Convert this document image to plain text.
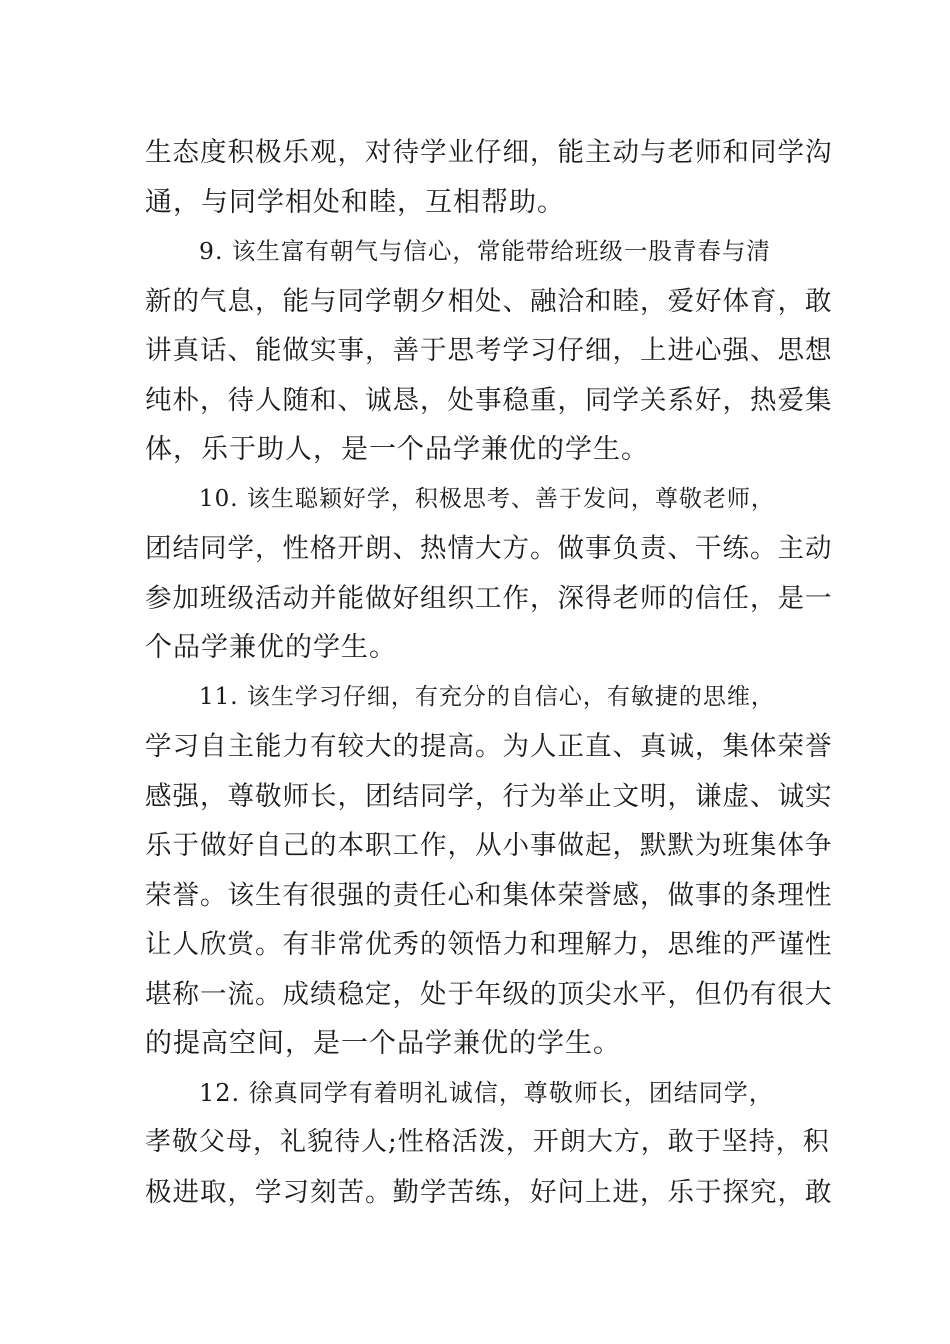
生态度积极乐观，对待学业仔细，能主动与老师和同学沟
通，与同学相处和睦，互相帮助。
9. 该生富有朝气与信心，常能带给班级一股青春与清
新的气息，能与同学朝夕相处、融洽和睦，爱好体育，敢
讲真话、能做实事，善于思考学习仔细，上进心强、思想
纯朴，待人随和、诚恳，处事稳重，同学关系好，热爱集
体，乐于助人，是一个品学兼优的学生。
10. 该生聪颖好学，积极思考、善于发问，尊敬老师，
团结同学，性格开朗、热情大方。做事负责、干练。主动
参加班级活动并能做好组织工作，深得老师的信任，是一
个品学兼优的学生。
11. 该生学习仔细，有充分的自信心，有敏捷的思维，
学习自主能力有较大的提高。为人正直、真诚，集体荣誉
感强，尊敬师长，团结同学，行为举止文明，谦虚、诚实
乐于做好自己的本职工作，从小事做起，默默为班集体争
荣誉。该生有很强的责任心和集体荣誉感，做事的条理性
让人欣赏。有非常优秀的领悟力和理解力，思维的严谨性
堪称一流。成绩稳定，处于年级的顶尖水平，但仍有很大
的提高空间，是一个品学兼优的学生。
12. 徐真同学有着明礼诚信，尊敬师长，团结同学，
孝敬父母，礼貌待人;性格活泼，开朗大方，敢于坚持，积
极进取，学习刻苦。勤学苦练，好问上进，乐于探究，敢
